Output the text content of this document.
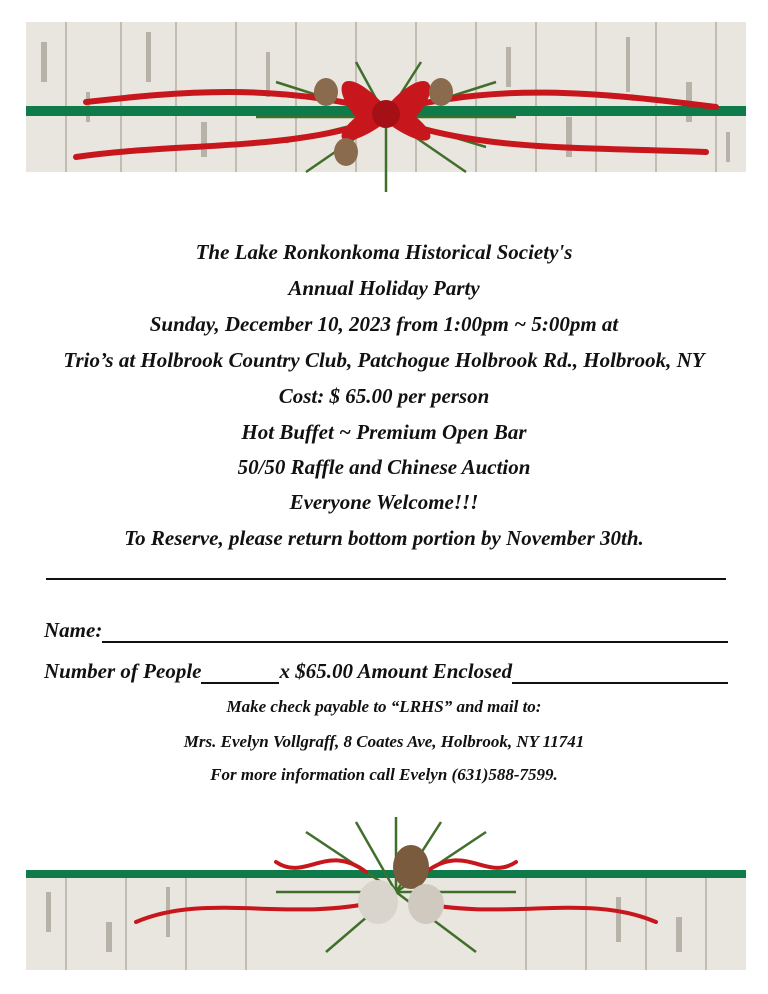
The Lake Ronkonkoma Historical Society's
Annual Holiday Party
Sunday, December 10, 2023 from 1:00pm ~ 5:00pm at
Trio’s at Holbrook Country Club, Patchogue Holbrook Rd., Holbrook, NY
Cost: $ 65.00 per person
Hot Buffet ~ Premium Open Bar
50/50 Raffle and Chinese Auction
Everyone Welcome!!!
To Reserve, please return bottom portion by November 30th.
Name:
Number of People	x $65.00 Amount Enclosed
Make check payable to “LRHS” and mail to:
Mrs. Evelyn Vollgraff, 8 Coates Ave, Holbrook, NY 11741
For more information call Evelyn (631)588-7599.
